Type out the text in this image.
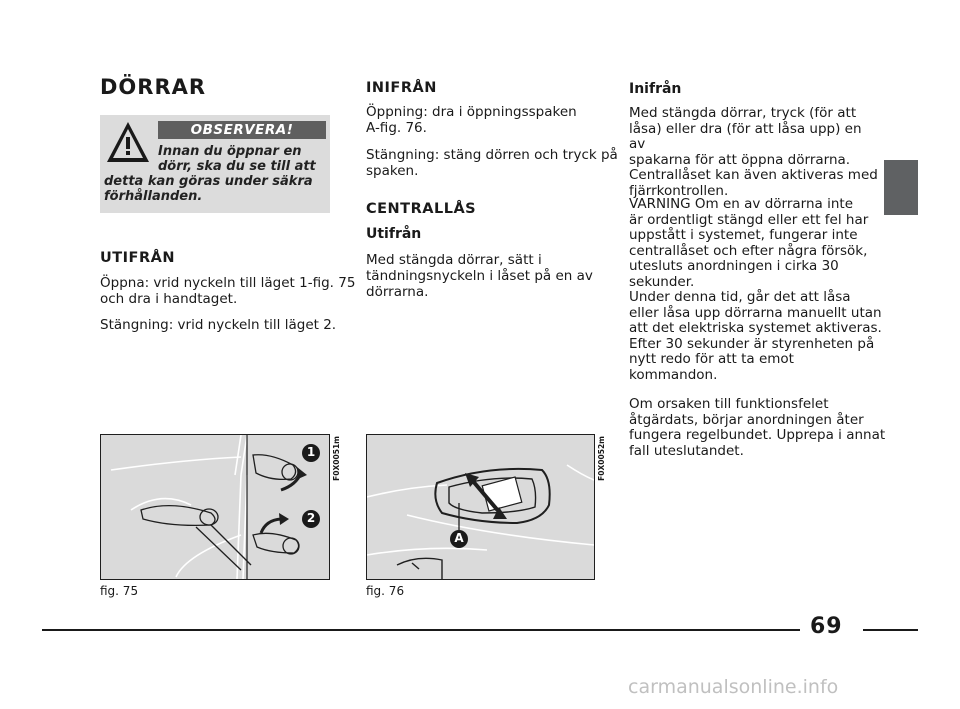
DÖRRAR
OBSERVERA!
Innan du öppnar en
dörr, ska du se till att
detta kan göras under säkra
förhållanden.
UTIFRÅN

Öppna: vrid nyckeln till läget 1-fig. 75

och dra i handtaget.

Stängning: vrid nyckeln till läget 2.

1
2
F0X0051m
fig. 75
INIFRÅN

Öppning: dra i öppningsspaken

A-fig. 76.

Stängning: stäng dörren och tryck på

spaken.

CENTRALLÅS
Utifrån

Med stängda dörrar, sätt i

tändningsnyckeln i låset på en av

dörrarna.

A
F0X0052m
fig. 76
Inifrån

Med stängda dörrar, tryck (för att

låsa) eller dra (för att låsa upp) en av

spakarna för att öppna dörrarna.

Centrallåset kan även aktiveras med

fjärrkontrollen.

VARNING Om en av dörrarna inte

är ordentligt stängd eller ett fel har

uppstått i systemet, fungerar inte

centrallåset och efter några försök,

utesluts anordningen i cirka 30

sekunder.

Under denna tid, går det att låsa

eller låsa upp dörrarna manuellt utan

att det elektriska systemet aktiveras.

Efter 30 sekunder är styrenheten på

nytt redo för att ta emot

kommandon.

Om orsaken till funktionsfelet

åtgärdats, börjar anordningen åter

fungera regelbundet. Upprepa i annat

fall uteslutandet.

69
carmanualsonline.info
